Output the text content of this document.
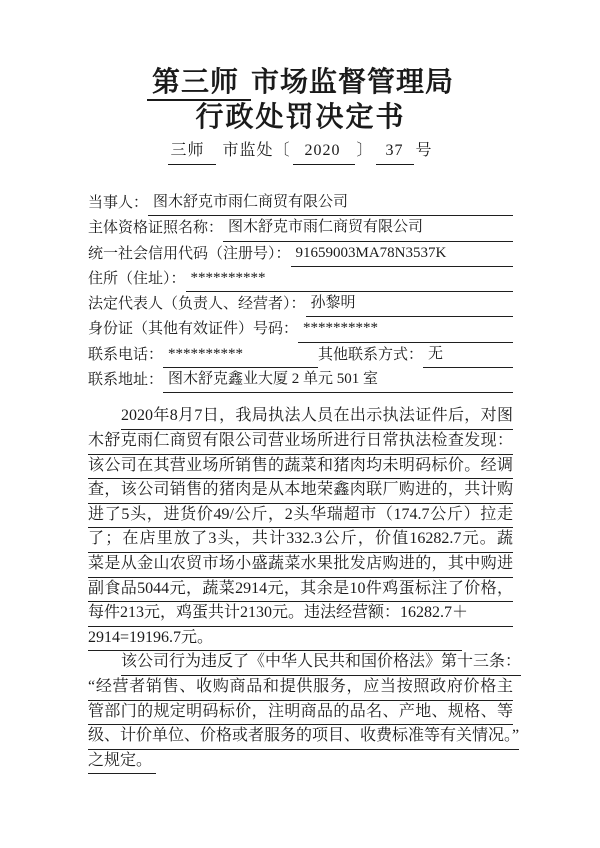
第三师 市场监督管理局
行政处罚决定书
三师 市监处〔 2020 〕 37 号
当事人： 图木舒克市雨仁商贸有限公司
主体资格证照名称： 图木舒克市雨仁商贸有限公司
统一社会信用代码（注册号）： 91659003MA78N3537K
住所（住址）： **********
法定代表人（负责人、经营者）： 孙黎明
身份证（其他有效证件）号码： **********
联系电话： **********	其他联系方式： 无
联系地址： 图木舒克鑫业大厦 2 单元 501 室
2020年8月7日，我局执法人员在出示执法证件后，对图
木舒克雨仁商贸有限公司营业场所进行日常执法检查发现：
该公司在其营业场所销售的蔬菜和猪肉均未明码标价。经调
查，该公司销售的猪肉是从本地荣鑫肉联厂购进的，共计购
进了5头，进货价49/公斤，2头华瑞超市（174.7公斤）拉走
了；在店里放了3头，共计332.3公斤，价值16282.7元。蔬
菜是从金山农贸市场小盛蔬菜水果批发店购进的，其中购进
副食品5044元，蔬菜2914元，其余是10件鸡蛋标注了价格，
每件213元，鸡蛋共计2130元。违法经营额：16282.7＋
2914=19196.7元。
该公司行为违反了《中华人民共和国价格法》第十三条：
“经营者销售、收购商品和提供服务，应当按照政府价格主
管部门的规定明码标价，注明商品的品名、产地、规格、等
级、计价单位、价格或者服务的项目、收费标准等有关情况。”
之规定。
